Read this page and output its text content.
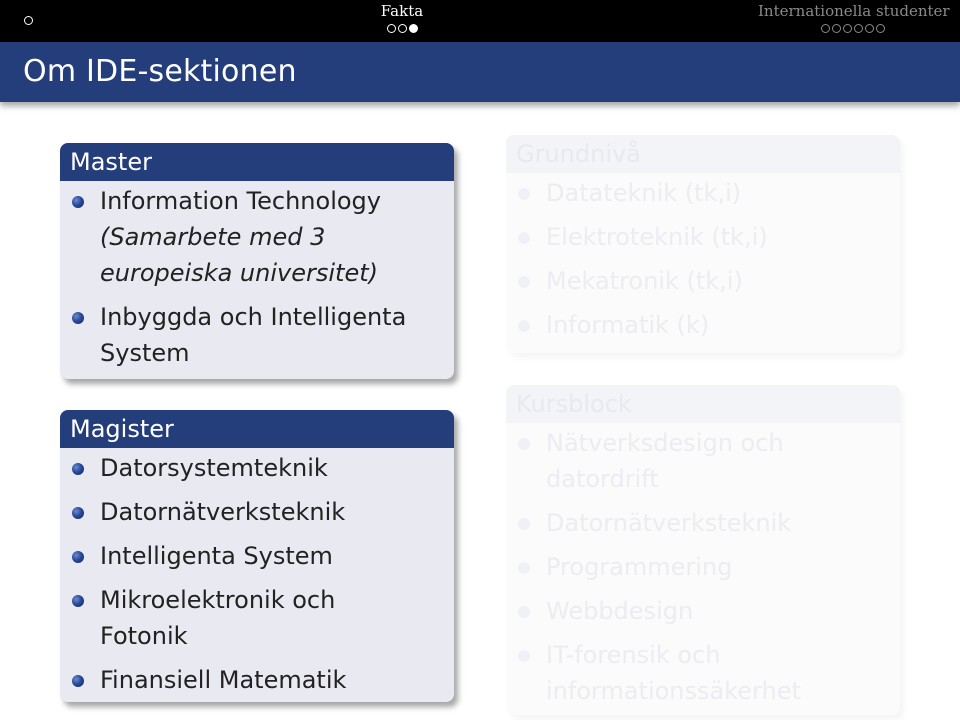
Fakta	Internationella studenter
Om IDE-sektionen
Master
Information Technology
(Samarbete med 3
europeiska universitet)
Inbyggda och Intelligenta
System
Magister
Datorsystemteknik
Datornätverksteknik
Intelligenta System
Mikroelektronik och
Fotonik
Finansiell Matematik
Grundnivå
Datateknik (tk,i)
Elektroteknik (tk,i)
Mekatronik (tk,i)
Informatik (k)
Kursblock
Nätverksdesign och
datordrift
Datornätverksteknik
Programmering
Webbdesign
IT-forensik och
informationssäkerhet
